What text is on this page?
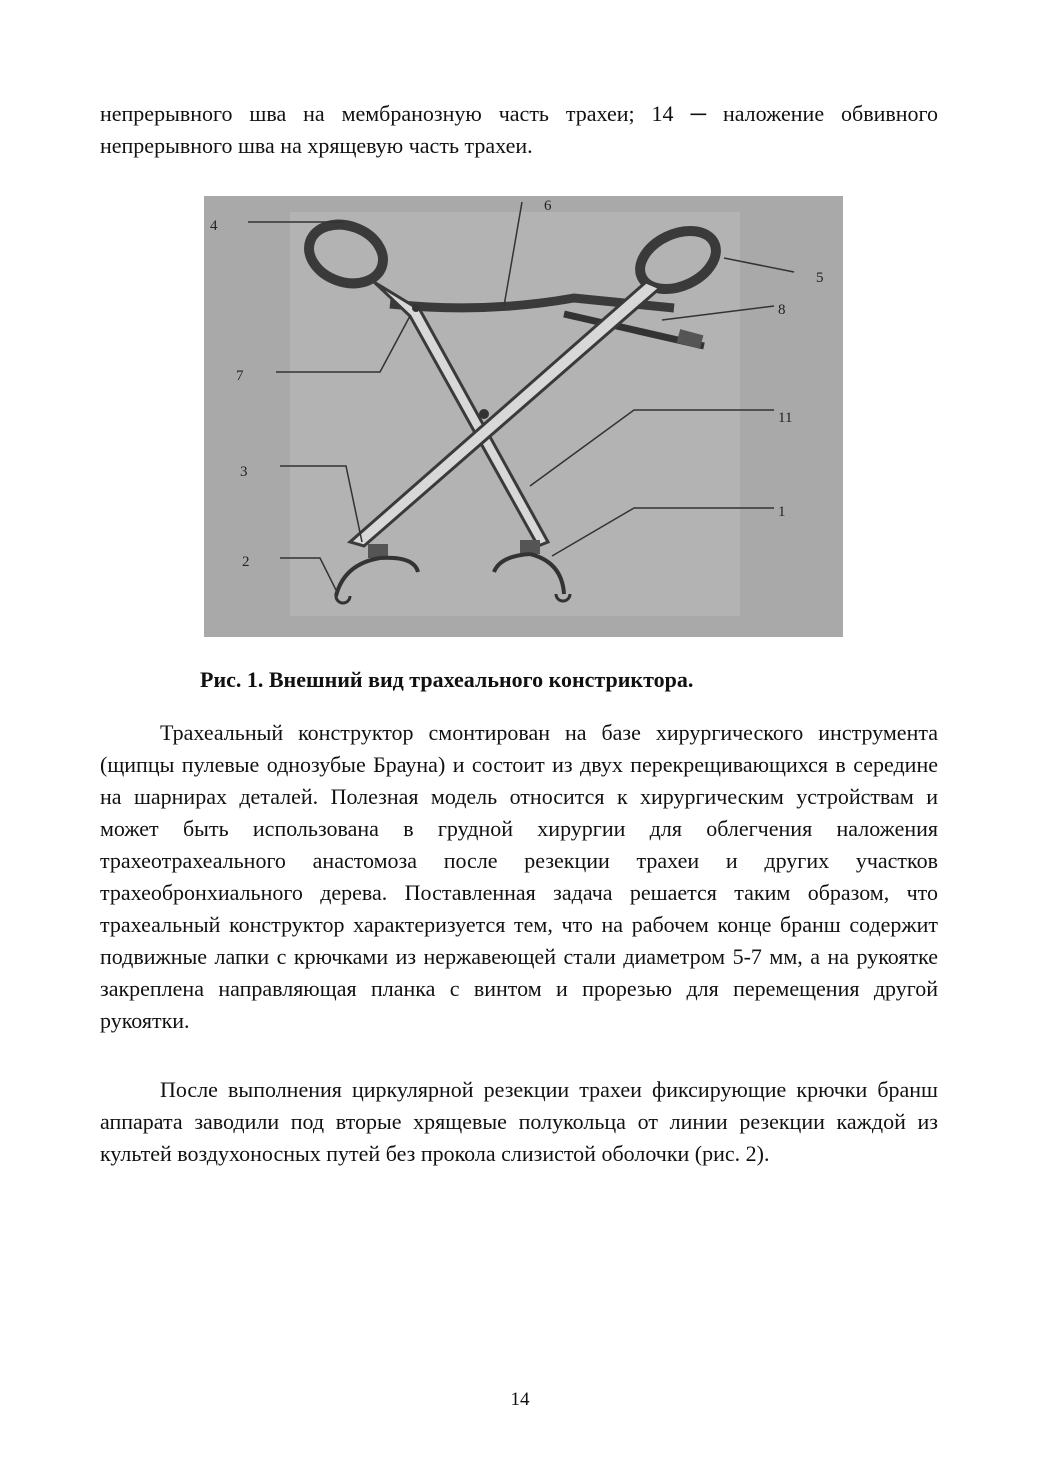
непрерывного шва на мембранозную часть трахеи; 14 ─ наложение обвивного непрерывного шва на хрящевую часть трахеи.

4
6
5
8
7
11
3
1
2

Рис. 1. Внешний вид трахеального констриктора.

Трахеальный конструктор смонтирован на базе хирургического инструмента (щипцы пулевые однозубые Брауна) и состоит из двух перекрещивающихся в середине на шарнирах деталей. Полезная модель относится к хирургическим устройствам и может быть использована в грудной хирургии для облегчения наложения трахеотрахеального анастомоза после резекции трахеи и других участков трахеобронхиального дерева. Поставленная задача решается таким образом, что трахеальный конструктор характеризуется тем, что на рабочем конце бранш содержит подвижные лапки с крючками из нержавеющей стали диаметром 5-7 мм, а на рукоятке закреплена направляющая планка с винтом и прорезью для перемещения другой рукоятки.

После выполнения циркулярной резекции трахеи фиксирующие крючки бранш аппарата заводили под вторые хрящевые полукольца от линии резекции каждой из культей воздухоносных путей без прокола слизистой оболочки (рис. 2).

14
